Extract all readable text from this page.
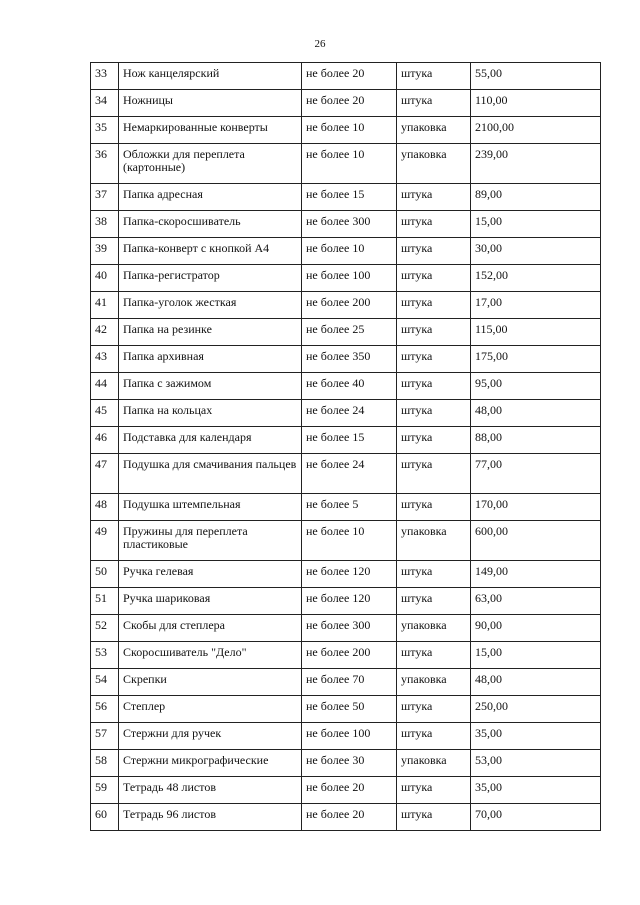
26
33	Нож канцелярский	не более 20	штука	55,00
34	Ножницы	не более 20	штука	110,00
35	Немаркированные конверты	не более 10	упаковка	2100,00
36	Обложки для переплета (картонные)	не более 10	упаковка	239,00
37	Папка адресная	не более 15	штука	89,00
38	Папка-скоросшиватель	не более 300	штука	15,00
39	Папка-конверт с кнопкой А4	не более 10	штука	30,00
40	Папка-регистратор	не более 100	штука	152,00
41	Папка-уголок жесткая	не более 200	штука	17,00
42	Папка на резинке	не более 25	штука	115,00
43	Папка архивная	не более 350	штука	175,00
44	Папка с зажимом	не более 40	штука	95,00
45	Папка на кольцах	не более 24	штука	48,00
46	Подставка для календаря	не более 15	штука	88,00
47	Подушка для смачивания пальцев	не более 24	штука	77,00
48	Подушка штемпельная	не более 5	штука	170,00
49	Пружины для переплета пластиковые	не более 10	упаковка	600,00
50	Ручка гелевая	не более 120	штука	149,00
51	Ручка шариковая	не более 120	штука	63,00
52	Скобы для степлера	не более 300	упаковка	90,00
53	Скоросшиватель "Дело"	не более 200	штука	15,00
54	Скрепки	не более 70	упаковка	48,00
56	Степлер	не более 50	штука	250,00
57	Стержни для ручек	не более 100	штука	35,00
58	Стержни микрографические	не более 30	упаковка	53,00
59	Тетрадь 48 листов	не более 20	штука	35,00
60	Тетрадь 96 листов	не более 20	штука	70,00
